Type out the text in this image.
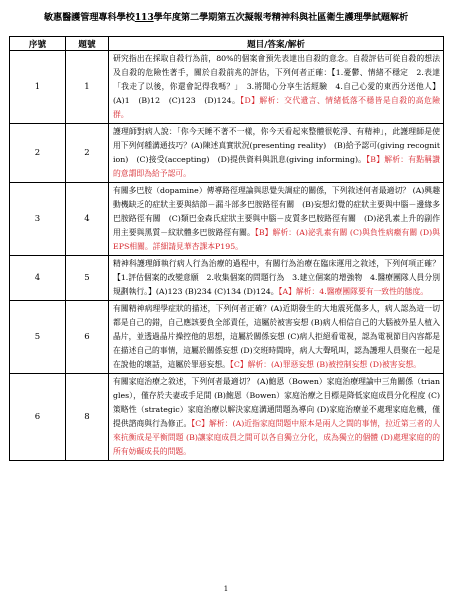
敏惠醫護管理專科學校113學年度第二學期第五次擬報考精神科與社區衛生護理學試題解析
序號	題號	題目/答案/解析
1	1	研究指出在採取自殺行為前，80%的個案會預先表達出自殺的意念。自殺評估可從自殺的想法及自殺的危險性著手，關於自殺前兆的評估，下列何者正確：【1.憂鬱、情緒不穩定　2.表達「我走了以後，你還會記得我嗎？」　3.將聞心分享生活經驗　4.自己心愛的東西分送他人】 (A)1　(B)12　(C)123　(D)124。【D】解析：交代遺言、情緒低落不穩皆是自殺的高危險群。
2	2	護理師對病人說：「你今天睡不著不一樣，你今天看起來整體很乾淨、有精神」，此護理師是使用下列何種溝通技巧？(A)陳述真實狀況(presenting reality)　(B)給予認可(giving recognition)　(C)接受(accepting)　(D)提供資料與訊息(giving informing)。【B】解析：有點稱讚的意謂即為給予認可。
3	4	有關多巴胺（dopamine）傳導路徑理論與思覺失調症的關係，下列敘述何者最適切？ (A)興趣動機缺乏的症狀主要與結節－漏斗部多巴胺路徑有關　(B)妄想幻覺的症狀主要與中腦－邊緣多巴胺路徑有關　(C)類巴金森氏症狀主要與中腦－皮質多巴胺路徑有關　(D)泌乳素上升的副作用主要與黑質－紋狀體多巴胺路徑有關。【B】解析：(A)泌乳素有關 (C)與負性病癥有關 (D)與EPS相關。詳細請見華杏課本P195。
4	5	精神科護理師執行病人行為治療的過程中，有關行為治療在臨床運用之敘述，下列何項正確？【1.評估個案的改變意願　2.收集個案的問題行為　3.建立個案的增強物　4.醫療團隊人員分別規劃執行。】(A)123 (B)234 (C)134 (D)124。【A】解析：4.醫療團隊要有一致性的態度。
5	6	有關精神病理學症狀的描述，下列何者正確？(A)近期發生的大地震死傷多人，病人認為這一切都是自己的錯，自己應該要負全部責任，這屬於被害妄想 (B)病人相信自己的大腦被外星人植入晶片，並透過晶片操控他的思想，這屬於關係妄想 (C)病人拒絕看電視，認為電視節目內容都是在描述自己的事情，這屬於關係妄想 (D)交班時間時，病人大聲吼叫，認為護理人員聚在一起是在說他的壞話，這屬於罪惡妄想。【C】解析：(A)罪惡妄想 (B)被控制妄想 (D)被害妄想。
6	8	有關家庭治療之敘述，下列何者最適切？ (A)鮑恩（Bowen）家庭治療理論中三角關係（triangles），僅存於夫妻或手足間 (B)鮑恩（Bowen）家庭治療之目標是降低家庭成員分化程度 (C)策略性（strategic）家庭治療以解決家庭溝通問題為導向 (D)家庭治療並不處理家庭危機，僅提供諮商與行為修正。【C】解析：(A)近指家庭問題中原本是兩人之間的事情，拉近第三者的人來抗衡成是平衡問題 (B)讓家庭成員之間可以各自獨立分化，成為獨立的個體 (D)處理家庭的的所有妨礙成長的問題。
1
